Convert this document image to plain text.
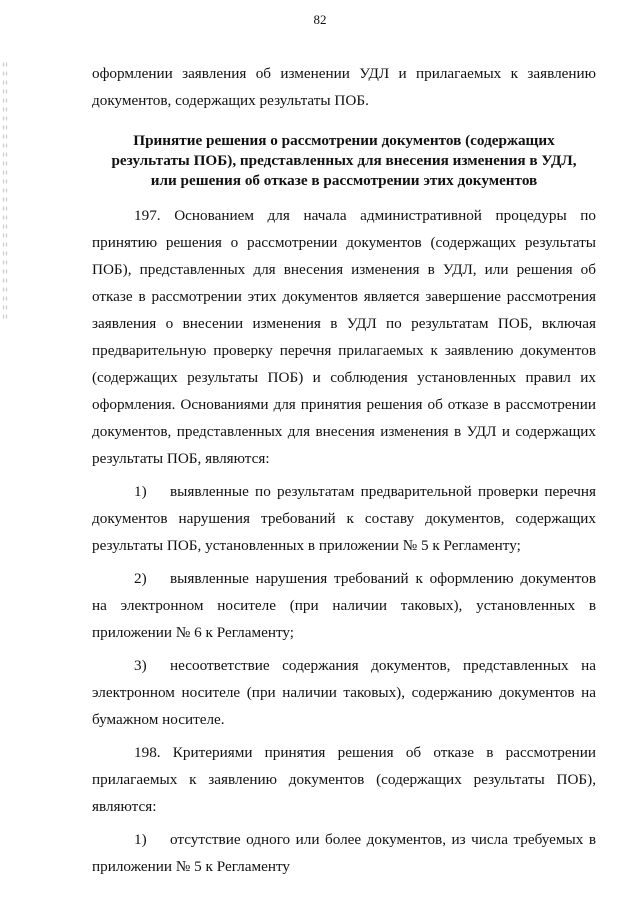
82

оформлении заявления об изменении УДЛ и прилагаемых к заявлению документов, содержащих результаты ПОБ.

Принятие решения о рассмотрении документов (содержащих результаты ПОБ), представленных для внесения изменения в УДЛ, или решения об отказе в рассмотрении этих документов

197. Основанием для начала административной процедуры по принятию решения о рассмотрении документов (содержащих результаты ПОБ), представленных для внесения изменения в УДЛ, или решения об отказе в рассмотрении этих документов является завершение рассмотрения заявления о внесении изменения в УДЛ по результатам ПОБ, включая предварительную проверку перечня прилагаемых к заявлению документов (содержащих результаты ПОБ) и соблюдения установленных правил их оформления. Основаниями для принятия решения об отказе в рассмотрении документов, представленных для внесения изменения в УДЛ и содержащих результаты ПОБ, являются:

1) выявленные по результатам предварительной проверки перечня документов нарушения требований к составу документов, содержащих результаты ПОБ, установленных в приложении № 5 к Регламенту;

2) выявленные нарушения требований к оформлению документов на электронном носителе (при наличии таковых), установленных в приложении № 6 к Регламенту;

3) несоответствие содержания документов, представленных на электронном носителе (при наличии таковых), содержанию документов на бумажном носителе.

198. Критериями принятия решения об отказе в рассмотрении прилагаемых к заявлению документов (содержащих результаты ПОБ), являются:

1) отсутствие одного или более документов, из числа требуемых в приложении № 5 к Регламенту
